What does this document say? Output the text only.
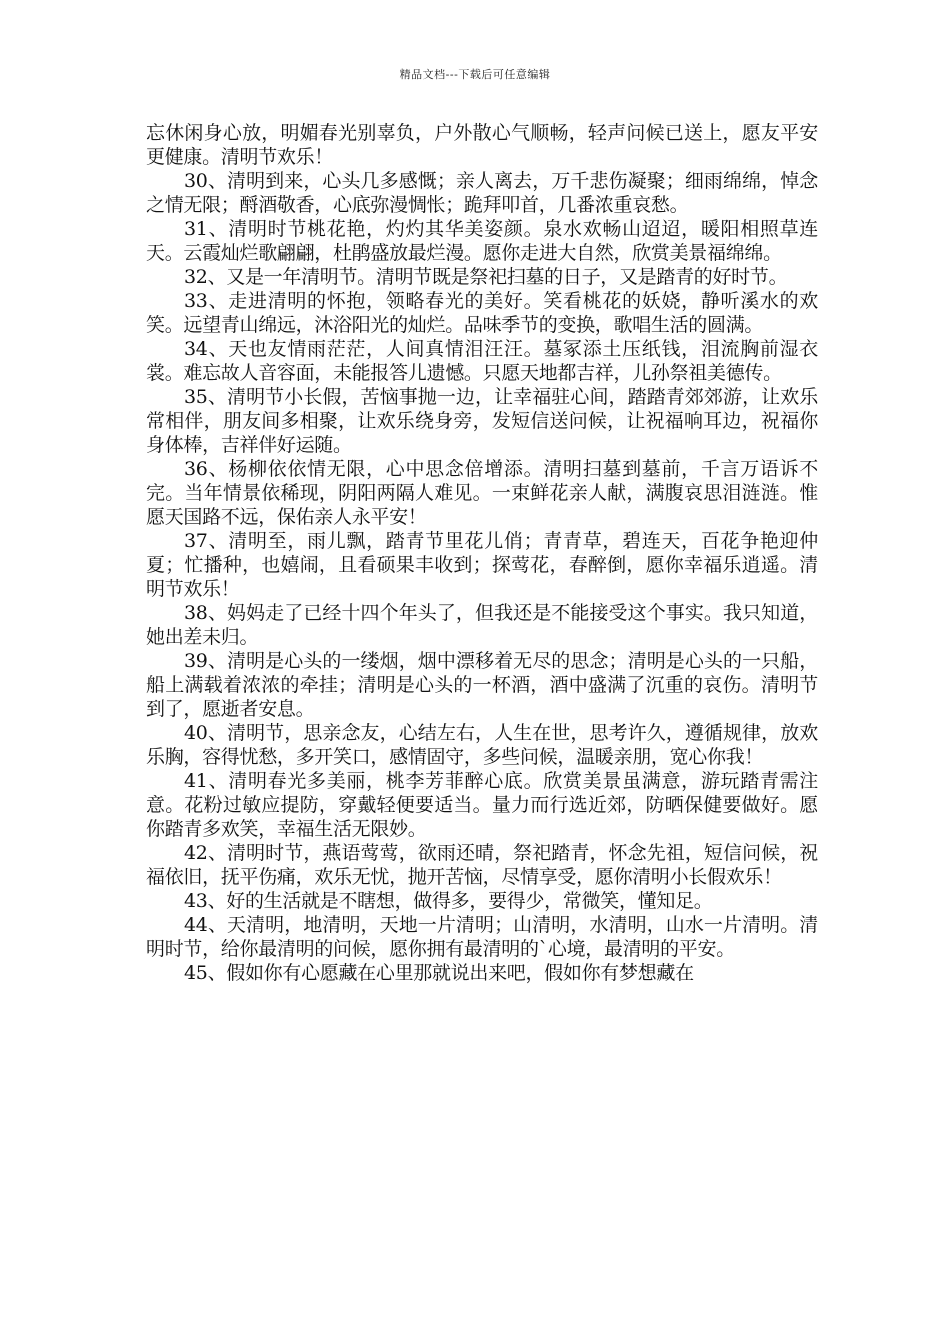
精品文档---下载后可任意编辑

忘休闲身心放，明媚春光别辜负，户外散心气顺畅，轻声问候已送上，愿友平安更健康。清明节欢乐！

30、清明到来，心头几多感慨；亲人离去，万千悲伤凝聚；细雨绵绵，悼念之情无限；酹酒敬香，心底弥漫惆怅；跪拜叩首，几番浓重哀愁。

31、清明时节桃花艳，灼灼其华美姿颜。泉水欢畅山迢迢，暖阳相照草连天。云霞灿烂歌翩翩，杜鹃盛放最烂漫。愿你走进大自然，欣赏美景福绵绵。

32、又是一年清明节。清明节既是祭祀扫墓的日子，又是踏青的好时节。

33、走进清明的怀抱，领略春光的美好。笑看桃花的妖娆，静听溪水的欢笑。远望青山绵远，沐浴阳光的灿烂。品味季节的变换，歌唱生活的圆满。

34、天也友情雨茫茫，人间真情泪汪汪。墓冢添土压纸钱，泪流胸前湿衣裳。难忘故人音容面，未能报答儿遗憾。只愿天地都吉祥，儿孙祭祖美德传。

35、清明节小长假，苦恼事抛一边，让幸福驻心间，踏踏青郊郊游，让欢乐常相伴，朋友间多相聚，让欢乐绕身旁，发短信送问候，让祝福响耳边，祝福你身体棒，吉祥伴好运随。

36、杨柳依依情无限，心中思念倍增添。清明扫墓到墓前，千言万语诉不完。当年情景依稀现，阴阳两隔人难见。一束鲜花亲人献，满腹哀思泪涟涟。惟愿天国路不远，保佑亲人永平安！

37、清明至，雨儿飘，踏青节里花儿俏；青青草，碧连天，百花争艳迎仲夏；忙播种，也嬉闹，且看硕果丰收到；探莺花，春醉倒，愿你幸福乐逍遥。清明节欢乐！

38、妈妈走了已经十四个年头了，但我还是不能接受这个事实。我只知道，她出差未归。

39、清明是心头的一缕烟，烟中漂移着无尽的思念；清明是心头的一只船，船上满载着浓浓的牵挂；清明是心头的一杯酒，酒中盛满了沉重的哀伤。清明节到了，愿逝者安息。

40、清明节，思亲念友，心结左右，人生在世，思考许久，遵循规律，放欢乐胸，容得忧愁，多开笑口，感情固守，多些问候，温暖亲朋，宽心你我！

41、清明春光多美丽，桃李芳菲醉心底。欣赏美景虽满意，游玩踏青需注意。花粉过敏应提防，穿戴轻便要适当。量力而行选近郊，防晒保健要做好。愿你踏青多欢笑，幸福生活无限妙。

42、清明时节，燕语莺莺，欲雨还晴，祭祀踏青，怀念先祖，短信问候，祝福依旧，抚平伤痛，欢乐无忧，抛开苦恼，尽情享受，愿你清明小长假欢乐！

43、好的生活就是不瞎想，做得多，要得少，常微笑，懂知足。

44、天清明，地清明，天地一片清明；山清明，水清明，山水一片清明。清明时节，给你最清明的问候，愿你拥有最清明的`心境，最清明的平安。

45、假如你有心愿藏在心里那就说出来吧，假如你有梦想藏在
